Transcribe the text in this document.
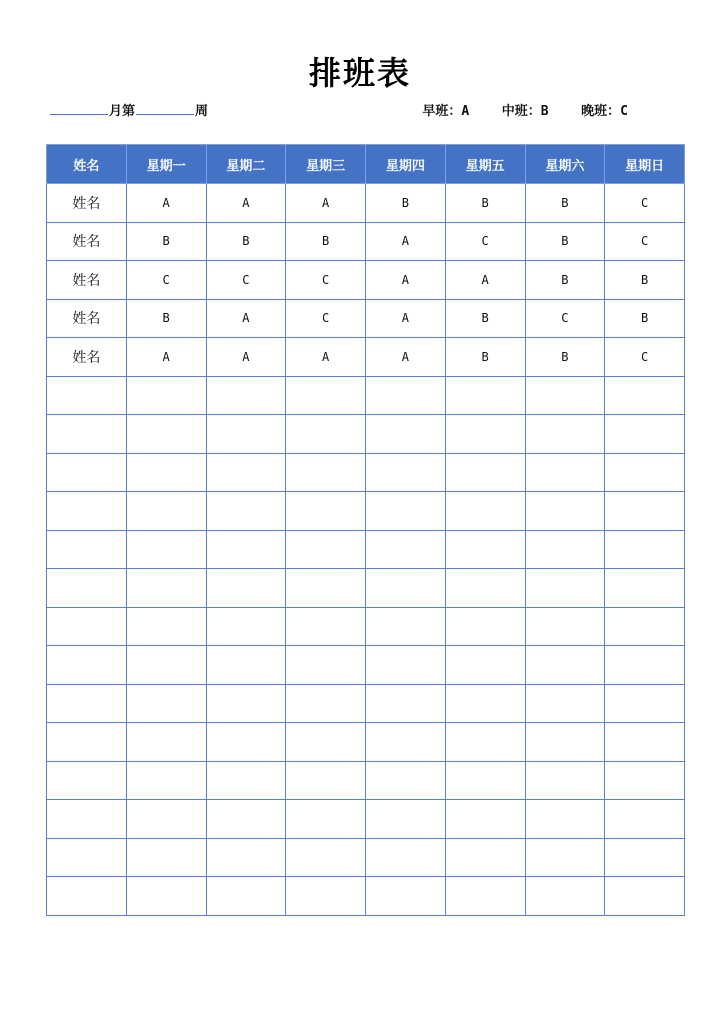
排班表
月第	周	早班：A	中班：B	晚班：C
姓名	星期一	星期二	星期三	星期四	星期五	星期六	星期日
姓名	A	A	A	B	B	B	C
姓名	B	B	B	A	C	B	C
姓名	C	C	C	A	A	B	B
姓名	B	A	C	A	B	C	B
姓名	A	A	A	A	B	B	C
